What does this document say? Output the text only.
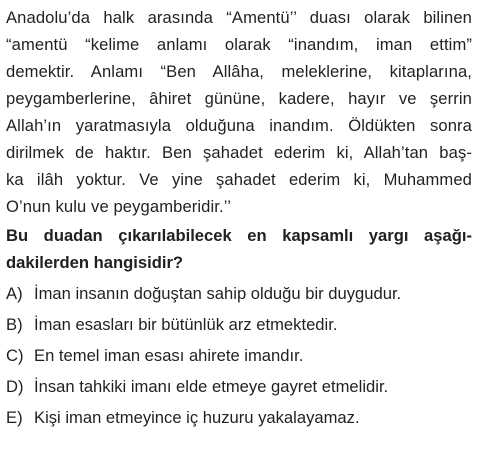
Anadolu’da halk arasında “Amentü’’ duası olarak bilinen
“amentü “kelime anlamı olarak “inandım, iman ettim”
demektir. Anlamı “Ben Allâha, meleklerine, kitaplarına,
peygamberlerine, âhiret gününe, kadere, hayır ve şerrin
Allah’ın yaratmasıyla olduğuna inandım. Öldükten sonra
dirilmek de haktır. Ben şahadet ederim ki, Allah’tan baş-
ka ilâh yoktur. Ve yine şahadet ederim ki, Muhammed
O’nun kulu ve peygamberidir.’’
Bu duadan çıkarılabilecek en kapsamlı yargı aşağı-
dakilerden hangisidir?
A) İman insanın doğuştan sahip olduğu bir duygudur.
B) İman esasları bir bütünlük arz etmektedir.
C) En temel iman esası ahirete imandır.
D) İnsan tahkiki imanı elde etmeye gayret etmelidir.
E) Kişi iman etmeyince iç huzuru yakalayamaz.
